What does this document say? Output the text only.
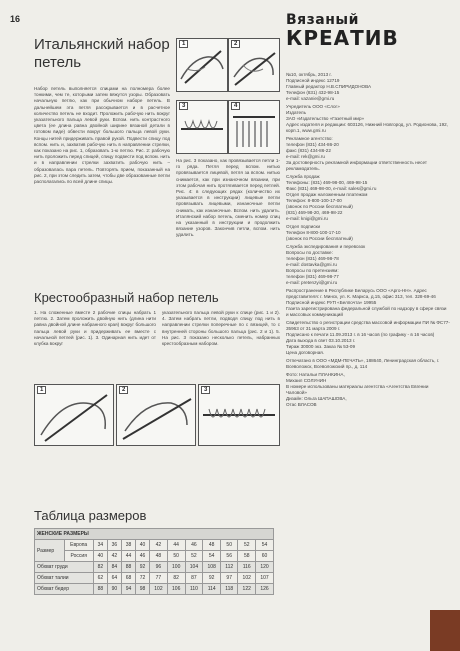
16
Итальянский набор петель
1	2
3	4
Набор петель выполняется спицами на полномера более тонкими, чем те, которыми затем вяжутся узоры. Образовать начальную петлю, как при обычном наборе петель. В дальнейшем эта петля расскрывается и в расчетное количество петель не входит. Проложить рабочую нить вокруг указательного пальца левой руки. Вспом. нить контрастного цвета (ее длина равна двойной ширине вязаной детали в готовом виде) обвести вокруг большого пальца левой руки. Концы нитей придерживать правой рукой. Подвести спицу под вспом. нить и, захватив рабочую нить в направлении стрелки, как показано на рис. 1, образовать 1-ю петлю. Рис. 2: рабочую нить проложить перед спицей, спицу подвести под вспом. нить и в направлении стрелки захватить рабочую нить – образовалась пара петель. Повторять прием, показанный на рис. 2, при этом следить затем, чтобы две образованные петли располагались по всей длине спицы.
На рис. 3 показано, как провязывается петли 1-го ряда. Петля перед вспом. нитью провязывается лицевой, петля за вспом. нитью снимается, как при изнаночном вязании, при этом рабочая нить протягивается перед петлей. Рис. 4: в следующих рядах (количество их указывается в инструкции) лицевые петли провязывать лицевыми, изнаночные петли снимать, как изнаночные. Вспом. нить удалить. Италянский набор петель, сменить номер спиц на указанный в инструкции и продолжить вязание узоров. Закончив петли, вспом. нить удалить.
Крестообразный набор петель
1. На сложенные вместе 2 рабочие спицы набрать 1 петлю. 2. Затем проложить двойную нить (длина нити равна двойной длине набранного края) вокруг большого пальца левой руки и придерживать ее вместе с начальной петлей (рис. 1). 3. Одинарная нить идет от клубка вокруг
указательного пальца левой руки к спице (рис. 1 и 2). 4. Затем набрать петли, подводя спицу под нить в направлении стрелки поперечные по с вязицей, то с внутренней стороны большого пальца (рис. 2 и 1). 5. На рис. 3 показано несколько петель, набранных крестообразным набором.
1	2	3
Таблица размеров
ЖЕНСКИЕ РАЗМЕРЫ												
Размер	Европа	34	36	38	40	42	44	46	48	50	52	54
	Россия	40	42	44	46	48	50	52	54	56	58	60
Обхват груди		82	84	88	92	96	100	104	108	112	116	120
Обхват талии		62	64	68	72	77	82	87	92	97	102	107
Обхват бедер		88	90	94	98	102	106	110	114	118	122	126
Вязаный
КРЕАТИВ
№10, октябрь, 2013 г.
Подписной индекс 12719
Главный редактор Н.В.СПИРИДОНОВА
Телефон (831) 432-98-15
e-mail: vazanie@gmi.ru
Учредитель ООО «Слог»
Издатель
ЗАО «Издательство «Газетный мир»
Адрес издателя и редакции: 603126, Нижний Новгород, ул. Родионова, 192, корп.1, www.gmi.ru
Рекламное агентство:
телефон (831) 434-86-20
факс (831) 434-86-22
e-mail: rek@gmi.ru
За достоверность рекламной информации ответственность несет рекламодатель.
Служба продаж
Телефоны: (831) 469-98-00, 469-98-15
Факс (831) 469-98-00, e-mail: sales@gmi.ru
Отдел продаж наложенным платежом
Телефон: 8-800-100-17-00
(звонок по России бесплатный)
(831) 469-98-20, 469-98-22
e-mail: knigi@gmi.ru
Отдел подписки
Телефон 8-800-100-17-10
(звонок по России бесплатный)
Служба экспедирования и перевозок
Вопросы по доставке:
телефон (831) 469-98-78
e-mail: dostavka@gmi.ru
Вопросы по претензиям:
телефон (831) 469-98-77
e-mail: pretenzyi@gmi.ru
Распространение в Республике Беларусь ООО «Арго-НН». Адрес представителя: г. Минск, ул. К. Маркса, д.15, офис 313, тел. 328-69-46
Подписной индекс РУП «Белпочта» 19955
Газета зарегистрирована федеральной службой по надзору в сфере связи и массовых коммуникаций
Свидетельство о регистрации средства массовой информации ПИ № ФС77-35963 от 31 марта 2009 г.
Подписано к печати 11.09.2013 г. в 16 часов (по графику - в 16 часов)
Дата выхода в свет 03.10.2013 г.
Тираж 30000 экз. Заказ № 53-09
Цена договорная.
Отпечатано в ООО «МДМ-ПЕЧАТЬ», 188640, Ленинградская область, г. Всеволожск, Всеволожский пр., д. 114
Фото: Натальи ПЛАНКИНА,
Михаил СОЛУНИН
В номере использованы материалы агентства «Агентства Евгении Чаловой»
Дизайн: Ольга ШАПАШОВА,
Отас ВЛАСОВ
